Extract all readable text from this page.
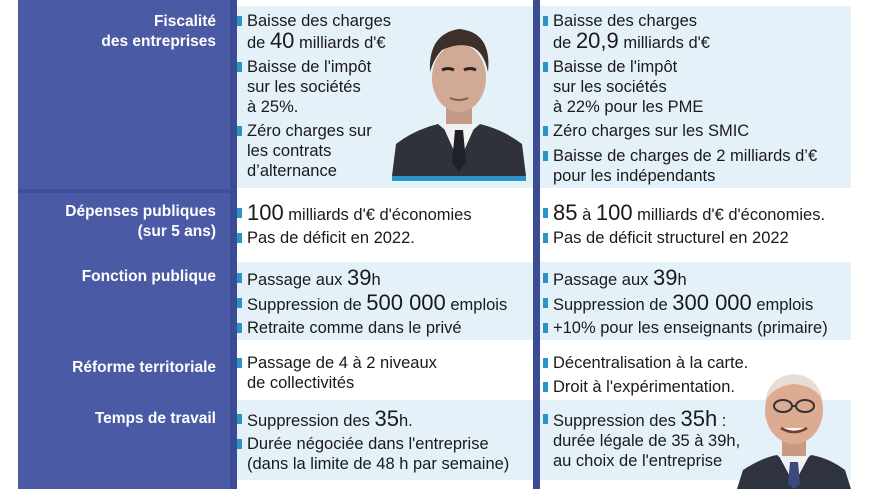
Fiscalité
des entreprises
Dépenses publiques
(sur 5 ans)
Fonction publique
Réforme territoriale
Temps de travail
Baisse des charges
de 40 milliards d'€
Baisse de l'impôt
sur les sociétés
à 25%.
Zéro charges sur
les contrats
d’alternance
100 milliards d'€ d'économies
Pas de déficit en 2022.
Passage aux 39h
Suppression de 500 000 emplois
Retraite comme dans le privé
Passage de 4 à 2 niveaux
de collectivités
Suppression des 35h.
Durée négociée dans l'entreprise
(dans la limite de 48 h par semaine)
Baisse des charges
de 20,9 milliards d'€
Baisse de l'impôt
sur les sociétés
à 22% pour les PME
Zéro charges sur les SMIC
Baisse de charges de 2 milliards d’€
pour les indépendants
85 à 100 milliards d'€ d'économies.
Pas de déficit structurel en 2022
Passage aux 39h
Suppression de 300 000 emplois
+10% pour les enseignants (primaire)
Décentralisation à la carte.
Droit à l'expérimentation.
Suppression des 35h :
durée légale de 35 à 39h,
au choix de l'entreprise
